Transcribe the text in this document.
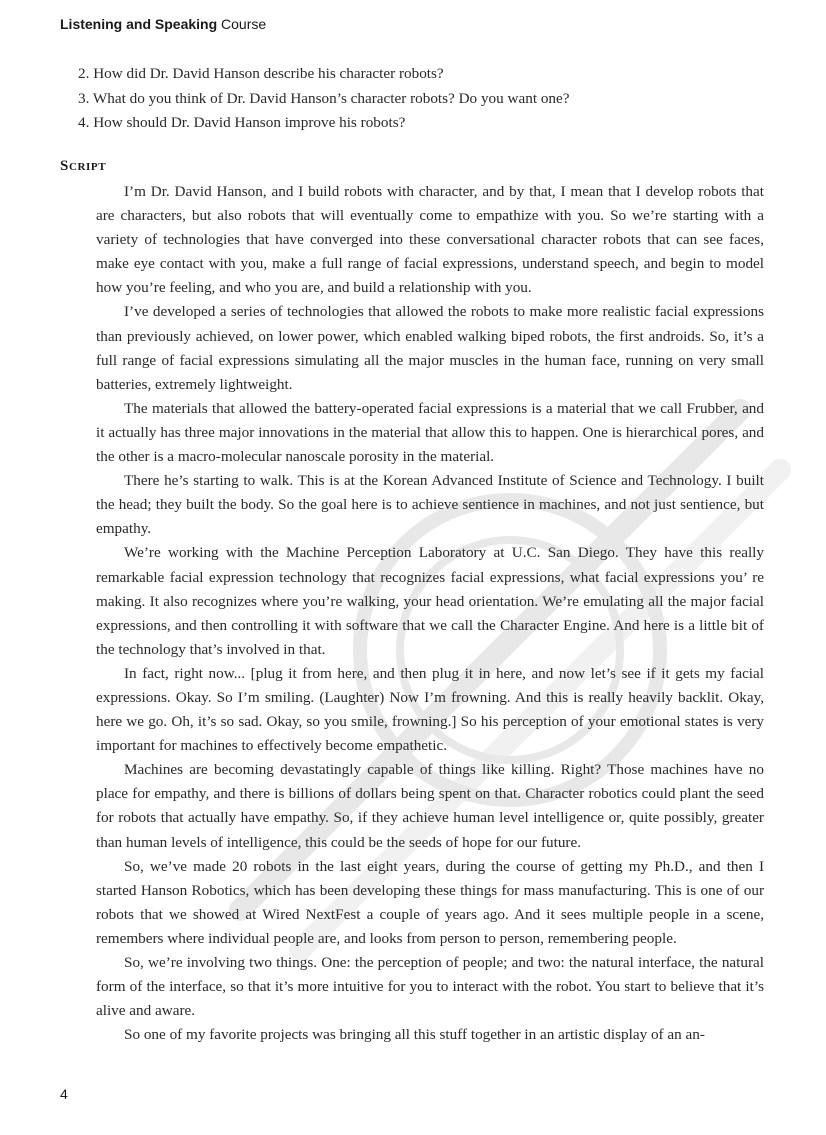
Listening and Speaking Course
2. How did Dr. David Hanson describe his character robots?
3. What do you think of Dr. David Hanson’s character robots? Do you want one?
4. How should Dr. David Hanson improve his robots?
Script

I’m Dr. David Hanson, and I build robots with character, and by that, I mean that I develop robots that are characters, but also robots that will eventually come to empathize with you. So we’re starting with a variety of technologies that have converged into these conversational character robots that can see faces, make eye contact with you, make a full range of facial expressions, understand speech, and begin to model how you’re feeling, and who you are, and build a relationship with you.

I’ve developed a series of technologies that allowed the robots to make more realistic facial expressions than previously achieved, on lower power, which enabled walking biped robots, the first androids. So, it’s a full range of facial expressions simulating all the major muscles in the human face, running on very small batteries, extremely lightweight.

The materials that allowed the battery-operated facial expressions is a material that we call Frubber, and it actually has three major innovations in the material that allow this to happen. One is hierarchical pores, and the other is a macro-molecular nanoscale porosity in the material.

There he’s starting to walk. This is at the Korean Advanced Institute of Science and Technology. I built the head; they built the body. So the goal here is to achieve sentience in machines, and not just sentience, but empathy.

We’re working with the Machine Perception Laboratory at U.C. San Diego. They have this really remarkable facial expression technology that recognizes facial expressions, what facial expressions you’ re making. It also recognizes where you’re walking, your head orientation. We’re emulating all the major facial expressions, and then controlling it with software that we call the Character Engine. And here is a little bit of the technology that’s involved in that.

In fact, right now... [plug it from here, and then plug it in here, and now let’s see if it gets my facial expressions. Okay. So I’m smiling. (Laughter) Now I’m frowning. And this is really heavily backlit. Okay, here we go. Oh, it’s so sad. Okay, so you smile, frowning.] So his perception of your emotional states is very important for machines to effectively become empathetic.

Machines are becoming devastatingly capable of things like killing. Right? Those machines have no place for empathy, and there is billions of dollars being spent on that. Character robotics could plant the seed for robots that actually have empathy. So, if they achieve human level intelligence or, quite possibly, greater than human levels of intelligence, this could be the seeds of hope for our future.

So, we’ve made 20 robots in the last eight years, during the course of getting my Ph.D., and then I started Hanson Robotics, which has been developing these things for mass manufacturing. This is one of our robots that we showed at Wired NextFest a couple of years ago. And it sees multiple people in a scene, remembers where individual people are, and looks from person to person, remembering people.

So, we’re involving two things. One: the perception of people; and two: the natural interface, the natural form of the interface, so that it’s more intuitive for you to interact with the robot. You start to believe that it’s alive and aware.

So one of my favorite projects was bringing all this stuff together in an artistic display of an an-

4
